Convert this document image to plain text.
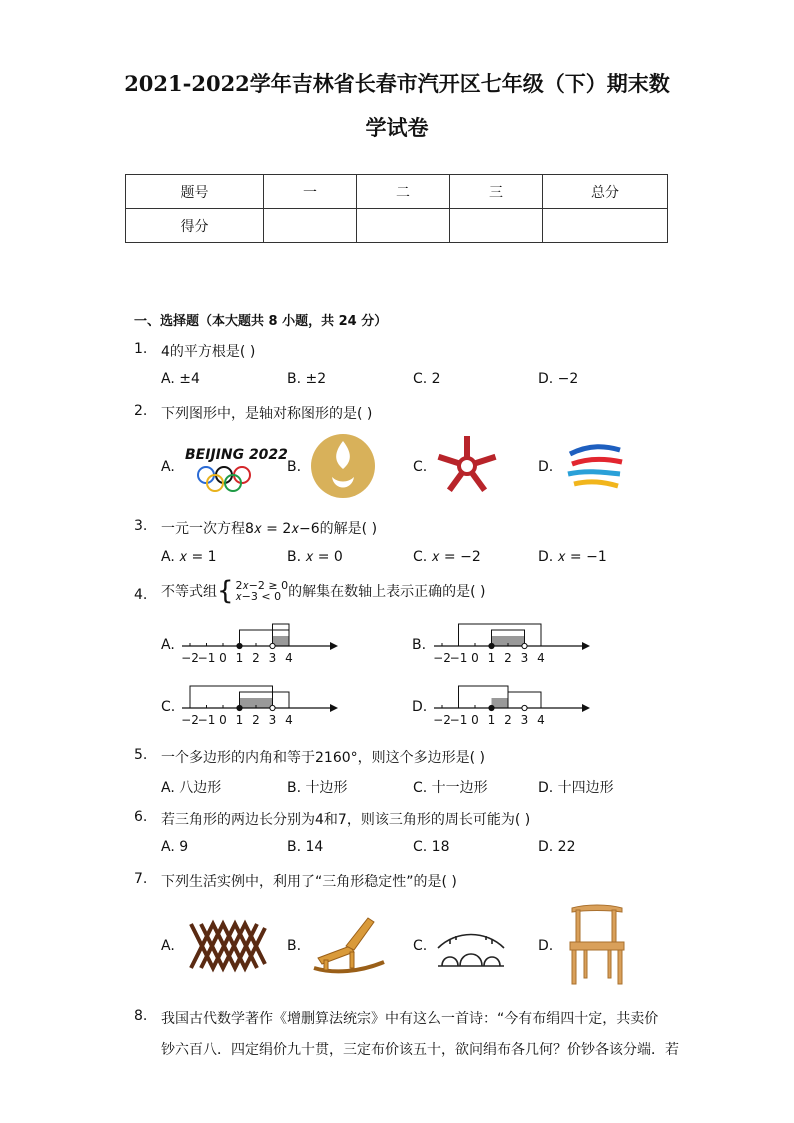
2021-2022学年吉林省长春市汽开区七年级（下）期末数
学试卷
题号	一	二	三	总分
得分				
一、选择题（本大题共 8 小题，共 24 分）
1. 4的平方根是( )
A. ±4	B. ±2	C. 2	D. −2
2. 下列图形中，是轴对称图形的是( )
A.	B.	C.	D.
BEIJING 2022
3. 一元一次方程8𝑥 = 2𝑥−6的解是( )
A. 𝑥 = 1	B. 𝑥 = 0	C. 𝑥 = −2	D. 𝑥 = −1
4. 不等式组 { 2𝑥−2 ≥ 0
𝑥−3 < 0 的解集在数轴上表示正确的是( )
A.	B.
C.	D.
−2
−1 0 1 2 3 4	−2
−1 0 1 2 3 4
−2
−1 0 1 2 3 4	−2
−1 0 1 2 3 4
5. 一个多边形的内角和等于2160°，则这个多边形是( )
A. 八边形	B. 十边形	C. 十一边形	D. 十四边形
6. 若三角形的两边长分别为4和7，则该三角形的周长可能为( )
A. 9	B. 14	C. 18	D. 22
7. 下列生活实例中，利用了“三角形稳定性”的是( )
A.	B.	C.	D.
8. 我国古代数学著作《增删算法统宗》中有这么一首诗：“今有布绢四十定，共卖价
钞六百八．四定绢价九十贯，三定布价该五十，欲问绢布各几何？价钞各该分端．若
